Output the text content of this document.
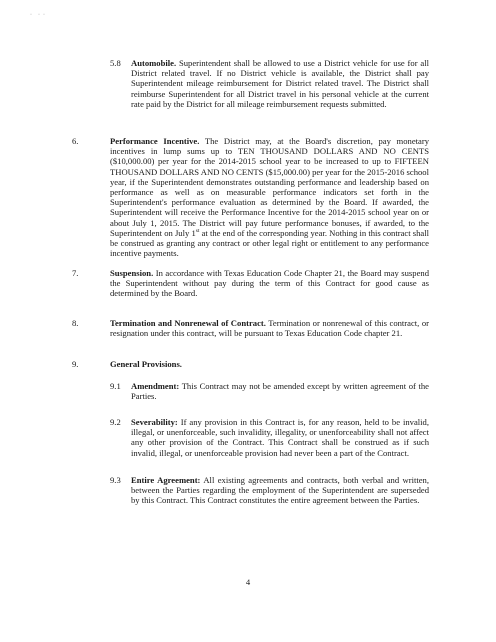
·    ·  ·
5.8 Automobile. Superintendent shall be allowed to use a District vehicle for use for all District related travel. If no District vehicle is available, the District shall pay Superintendent mileage reimbursement for District related travel. The District shall reimburse Superintendent for all District travel in his personal vehicle at the current rate paid by the District for all mileage reimbursement requests submitted.
6.	Performance Incentive. The District may, at the Board's discretion, pay monetary incentives in lump sums up to TEN THOUSAND DOLLARS AND NO CENTS ($10,000.00) per year for the 2014-2015 school year to be increased to up to FIFTEEN THOUSAND DOLLARS AND NO CENTS ($15,000.00) per year for the 2015-2016 school year, if the Superintendent demonstrates outstanding performance and leadership based on performance as well as on measurable performance indicators set forth in the Superintendent's performance evaluation as determined by the Board. If awarded, the Superintendent will receive the Performance Incentive for the 2014-2015 school year on or about July 1, 2015. The District will pay future performance bonuses, if awarded, to the Superintendent on July 1st at the end of the corresponding year. Nothing in this contract shall be construed as granting any contract or other legal right or entitlement to any performance incentive payments.
7.	Suspension. In accordance with Texas Education Code Chapter 21, the Board may suspend the Superintendent without pay during the term of this Contract for good cause as determined by the Board.
8.	Termination and Nonrenewal of Contract. Termination or nonrenewal of this contract, or resignation under this contract, will be pursuant to Texas Education Code chapter 21.
9.	General Provisions.
9.1 Amendment: This Contract may not be amended except by written agreement of the Parties.
9.2 Severability: If any provision in this Contract is, for any reason, held to be invalid, illegal, or unenforceable, such invalidity, illegality, or unenforceability shall not affect any other provision of the Contract. This Contract shall be construed as if such invalid, illegal, or unenforceable provision had never been a part of the Contract.
9.3 Entire Agreement: All existing agreements and contracts, both verbal and written, between the Parties regarding the employment of the Superintendent are superseded by this Contract. This Contract constitutes the entire agreement between the Parties.
4
